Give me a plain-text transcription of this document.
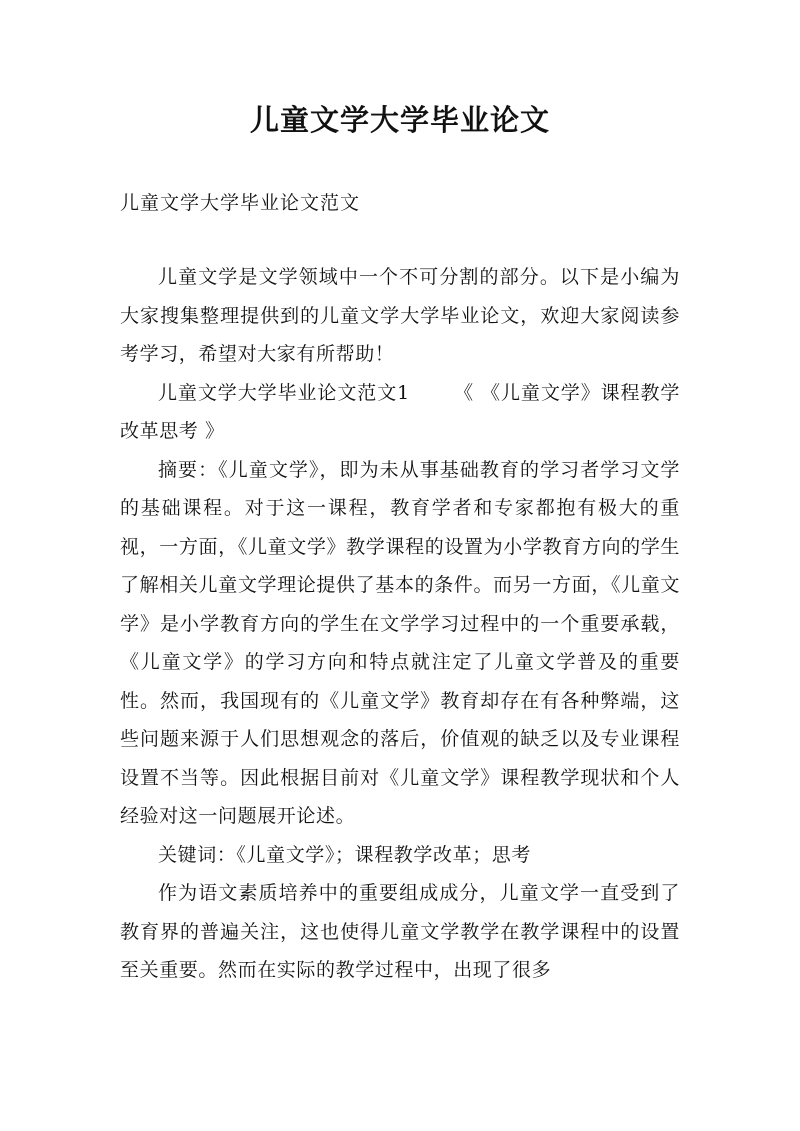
儿童文学大学毕业论文
儿童文学大学毕业论文范文

儿童文学是文学领域中一个不可分割的部分。以下是小编为大家搜集整理提供到的儿童文学大学毕业论文，欢迎大家阅读参考学习，希望对大家有所帮助！

儿童文学大学毕业论文范文1 《 《儿童文学》课程教学改革思考 》

摘要：《儿童文学》，即为未从事基础教育的学习者学习文学的基础课程。对于这一课程，教育学者和专家都抱有极大的重视，一方面，《儿童文学》教学课程的设置为小学教育方向的学生了解相关儿童文学理论提供了基本的条件。而另一方面，《儿童文学》是小学教育方向的学生在文学学习过程中的一个重要承载，《儿童文学》的学习方向和特点就注定了儿童文学普及的重要性。然而，我国现有的《儿童文学》教育却存在有各种弊端，这些问题来源于人们思想观念的落后，价值观的缺乏以及专业课程设置不当等。因此根据目前对《儿童文学》课程教学现状和个人经验对这一问题展开论述。

关键词：《儿童文学》；课程教学改革；思考

作为语文素质培养中的重要组成成分，儿童文学一直受到了教育界的普遍关注，这也使得儿童文学教学在教学课程中的设置至关重要。然而在实际的教学过程中，出现了很多
